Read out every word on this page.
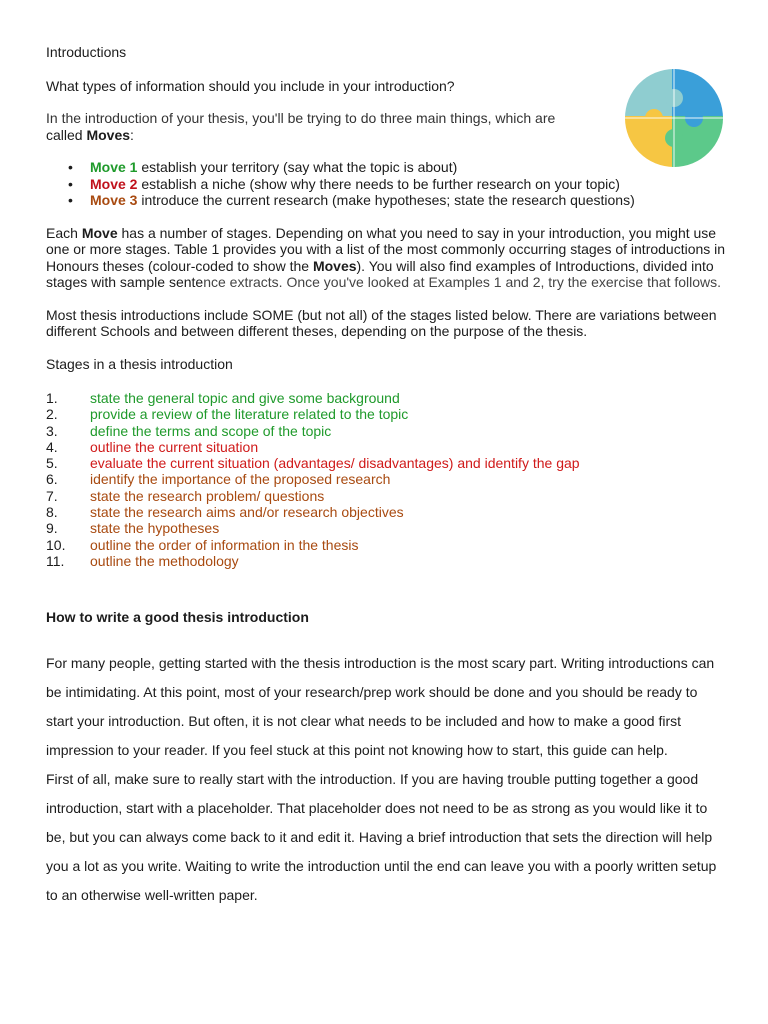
Introductions

What types of information should you include in your introduction?

In the introduction of your thesis, you'll be trying to do three main things, which are
called Moves:

• Move 1 establish your territory (say what the topic is about)
• Move 2 establish a niche (show why there needs to be further research on your topic)
• Move 3 introduce the current research (make hypotheses; state the research questions)

Each Move has a number of stages. Depending on what you need to say in your introduction, you might use one or more stages. Table 1 provides you with a list of the most commonly occurring stages of introductions in Honours theses (colour-coded to show the Moves). You will also find examples of Introductions, divided into stages with sample sentence extracts. Once you've looked at Examples 1 and 2, try the exercise that follows.

Most thesis introductions include SOME (but not all) of the stages listed below. There are variations between different Schools and between different theses, depending on the purpose of the thesis.

Stages in a thesis introduction

1.	state the general topic and give some background
2.	provide a review of the literature related to the topic
3.	define the terms and scope of the topic
4.	outline the current situation
5.	evaluate the current situation (advantages/ disadvantages) and identify the gap
6.	identify the importance of the proposed research
7.	state the research problem/ questions
8.	state the research aims and/or research objectives
9.	state the hypotheses
10.	outline the order of information in the thesis
11.	outline the methodology
How to write a good thesis introduction

For many people, getting started with the thesis introduction is the most scary part. Writing introductions can be intimidating. At this point, most of your research/prep work should be done and you should be ready to start your introduction. But often, it is not clear what needs to be included and how to make a good first impression to your reader. If you feel stuck at this point not knowing how to start, this guide can help.

First of all, make sure to really start with the introduction. If you are having trouble putting together a good introduction, start with a placeholder. That placeholder does not need to be as strong as you would like it to be, but you can always come back to it and edit it. Having a brief introduction that sets the direction will help you a lot as you write. Waiting to write the introduction until the end can leave you with a poorly written setup to an otherwise well-written paper.
